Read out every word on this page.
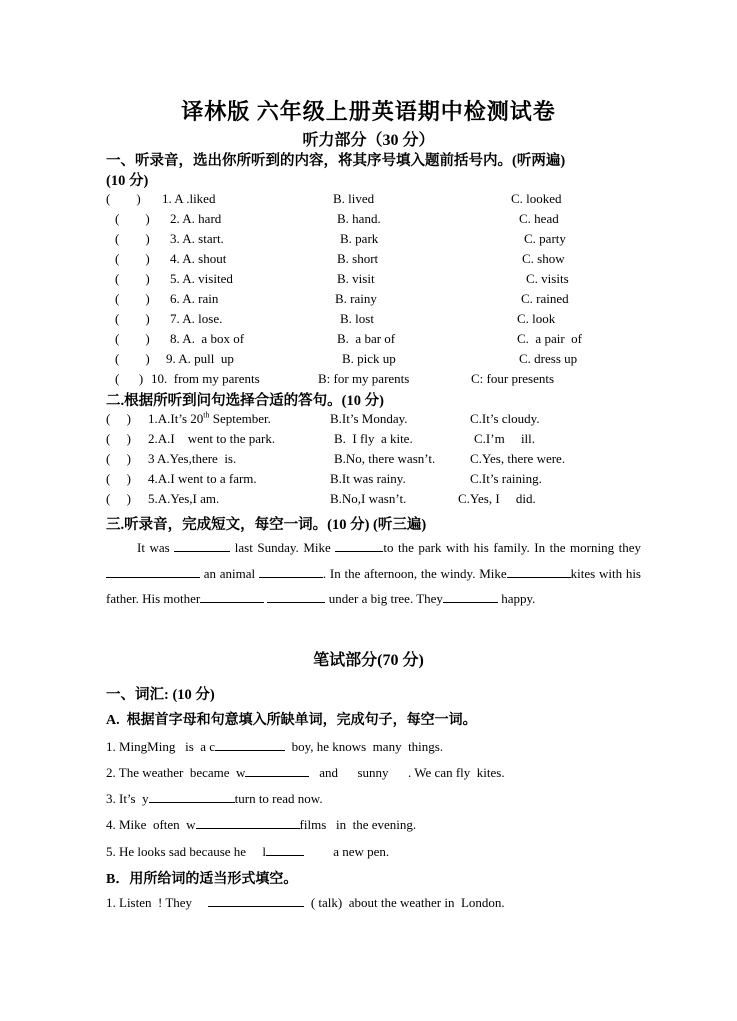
译林版 六年级上册英语期中检测试卷
听力部分（30 分）
一、听录音，选出你所听到的内容，将其序号填入题前括号内。(听两遍)
(10 分)
(        ) 1. A .liked	B. lived	C. looked
(        ) 2. A. hard	B. hand.	C. head
(        ) 3. A. start.	B. park	C. party
(        ) 4. A. shout	B. short	C. show
(        ) 5. A. visited	B. visit	C. visits
(        ) 6. A. rain	B. rainy	C. rained
(        ) 7. A. lose.	B. lost	C. look
(        ) 8. A.  a box of	B.  a bar of	C.  a pair  of
(        ) 9. A. pull  up	B. pick up	C. dress up
(      ) 10.  from my parents	B: for my parents	C: four presents
二.根据所听到问句选择合适的答句。(10 分)
(     ) 1.A.It’s 20th September.	B.It’s Monday.	C.It’s cloudy.
(     ) 2.A.I    went to the park.	B.  I fly  a kite.	C.I’m     ill.
(     ) 3 A.Yes,there  is.	B.No, there wasn’t.	C.Yes, there were.
(     ) 4.A.I went to a farm.	B.It was rainy.	C.It’s raining.
(     ) 5.A.Yes,I am.	B.No,I wasn’t.	C.Yes, I     did.
三.听录音，完成短文，每空一词。(10 分) (听三遍)
It was	last Sunday. Mike	to the park with his family. In the morning they an animal	. In the afternoon, the windy. Mike	kites with his father. His mother	under a big tree. They	happy.
笔试部分(70 分)
一、词汇: (10 分)
A.  根据首字母和句意填入所缺单词，完成句子，每空一词。
1. MingMing   is  a c	boy, he knows  many  things.
2. The weather  became  w	and      sunny      . We can fly  kites.
3. It’s  y	turn to read now.
4. Mike  often  w	films   in  the evening.
5. He looks sad because he     l	a new pen.
B．用所给词的适当形式填空。
1. Listen  ! They	( talk)  about the weather in  London.
